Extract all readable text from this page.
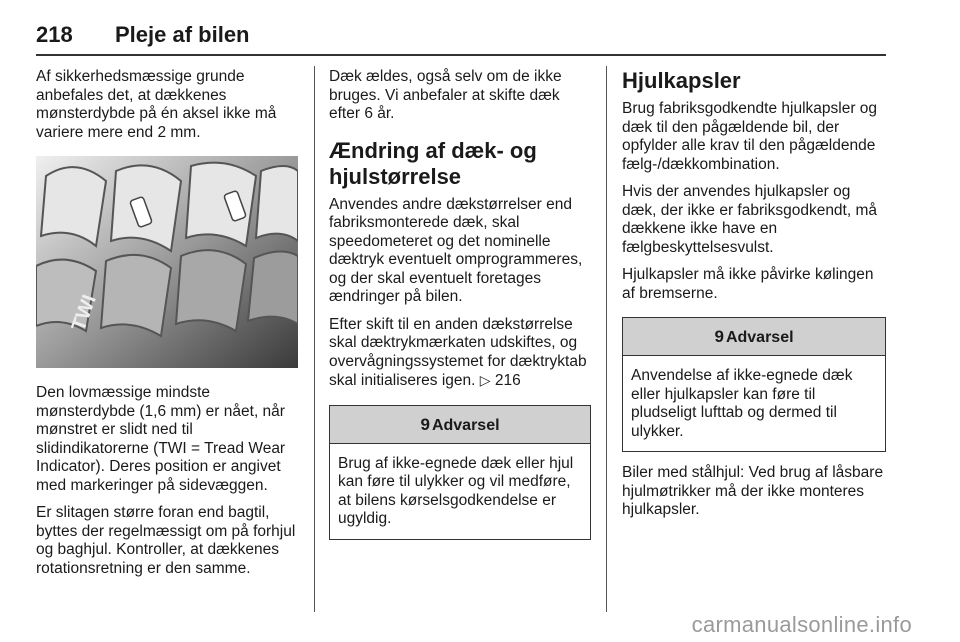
218 Pleje af bilen

Af sikkerhedsmæssige grunde anbefales det, at dækkenes mønsterdybde på én aksel ikke må variere mere end 2 mm.

TWI

Den lovmæssige mindste mønsterdybde (1,6 mm) er nået, når mønstret er slidt ned til slidindikatorerne (TWI = Tread Wear Indicator). Deres position er angivet med markeringer på sidevæggen.

Er slitagen større foran end bagtil, byttes der regelmæssigt om på forhjul og baghjul. Kontroller, at dækkenes rotationsretning er den samme.

Dæk ældes, også selv om de ikke bruges. Vi anbefaler at skifte dæk efter 6 år.

Ændring af dæk- og hjulstørrelse

Anvendes andre dækstørrelser end fabriksmonterede dæk, skal speedometeret og det nominelle dæktryk eventuelt omprogrammeres, og der skal eventuelt foretages ændringer på bilen.

Efter skift til en anden dækstørrelse skal dæktrykmærkaten udskiftes, og overvågningssystemet for dæktryktab skal initialiseres igen. ▷ 216

9 Advarsel
Brug af ikke-egnede dæk eller hjul kan føre til ulykker og vil medføre, at bilens kørselsgodkendelse er ugyldig.
Hjulkapsler

Brug fabriksgodkendte hjulkapsler og dæk til den pågældende bil, der opfylder alle krav til den pågældende fælg-/dækkombination.

Hvis der anvendes hjulkapsler og dæk, der ikke er fabriksgodkendt, må dækkene ikke have en fælgbeskyttelsesvulst.

Hjulkapsler må ikke påvirke kølingen af bremserne.

9 Advarsel
Anvendelse af ikke-egnede dæk eller hjulkapsler kan føre til pludseligt lufttab og dermed til ulykker.

Biler med stålhjul: Ved brug af låsbare hjulmøtrikker må der ikke monteres hjulkapsler.

carmanualsonline.info
